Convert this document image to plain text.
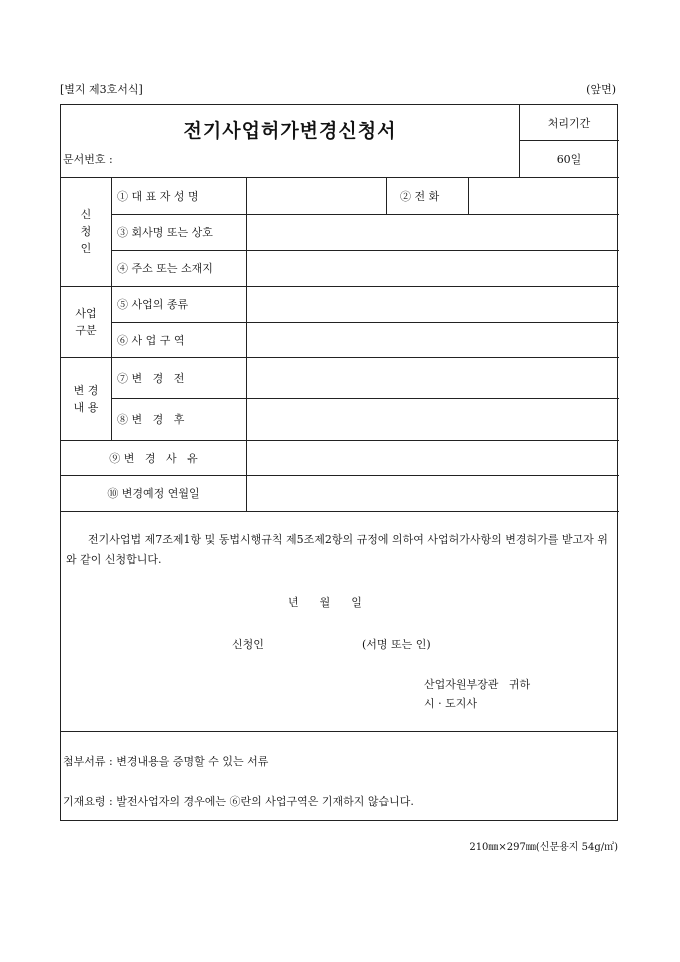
[별지 제3호서식]	(앞면)
전기사업허가변경신청서
문서번호 :
처리기간
60일
신
청
인
① 대 표 자 성 명	② 전 화
③ 회사명 또는 상호
④ 주소 또는 소재지
사업
구분
⑤ 사업의 종류
⑥ 사 업 구 역
변 경
내 용
⑦ 변   경   전
⑧ 변   경   후
⑨ 변   경   사   유
⑩ 변경예정 연월일
전기사업법 제7조제1항 및 동법시행규칙 제5조제2항의 규정에 의하여 사업허가사항의 변경허가를 받고자 위와 같이 신청합니다.
년      월      일
신청인	(서명 또는 인)
산업자원부장관   귀하
시 · 도지사
첨부서류 : 변경내용을 증명할 수 있는 서류
기재요령 : 발전사업자의 경우에는 ⑥란의 사업구역은 기재하지 않습니다.
210㎜×297㎜(신문용지 54g/㎡)
